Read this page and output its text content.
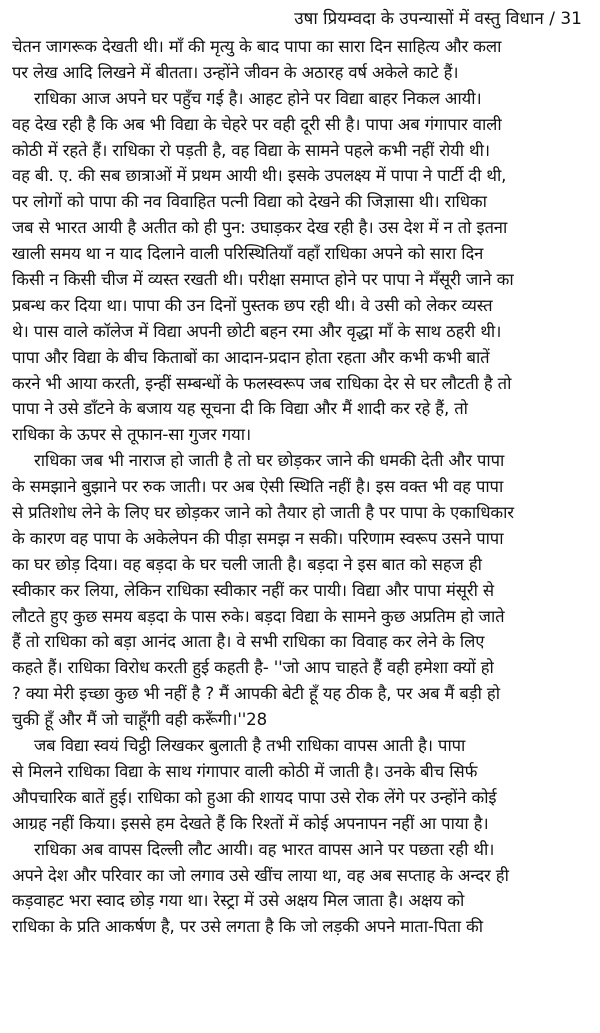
उषा प्रियम्वदा के उपन्यासों में वस्तु विधान / 31
चेतन जागरूक देखती थी। माँ की मृत्यु के बाद पापा का सारा दिन साहित्य और कला
पर लेख आदि लिखने में बीतता। उन्होंने जीवन के अठारह वर्ष अकेले काटे हैं।
राधिका आज अपने घर पहुँच गई है। आहट होने पर विद्या बाहर निकल आयी।
वह देख रही है कि अब भी विद्या के चेहरे पर वही दूरी सी है। पापा अब गंगापार वाली
कोठी में रहते हैं। राधिका रो पड़ती है, वह विद्या के सामने पहले कभी नहीं रोयी थी।
वह बी. ए. की सब छात्राओं में प्रथम आयी थी। इसके उपलक्ष्य में पापा ने पार्टी दी थी,
पर लोगों को पापा की नव विवाहित पत्नी विद्या को देखने की जिज्ञासा थी। राधिका
जब से भारत आयी है अतीत को ही पुन: उघाड़कर देख रही है। उस देश में न तो इतना
खाली समय था न याद दिलाने वाली परिस्थितियाँ वहाँ राधिका अपने को सारा दिन
किसी न किसी चीज में व्यस्त रखती थी। परीक्षा समाप्त होने पर पापा ने मँसूरी जाने का
प्रबन्ध कर दिया था। पापा की उन दिनों पुस्तक छप रही थी। वे उसी को लेकर व्यस्त
थे। पास वाले कॉलेज में विद्या अपनी छोटी बहन रमा और वृद्धा माँ के साथ ठहरी थी।
पापा और विद्या के बीच किताबों का आदान-प्रदान होता रहता और कभी कभी बातें
करने भी आया करती, इन्हीं सम्बन्धों के फलस्वरूप जब राधिका देर से घर लौटती है तो
पापा ने उसे डाँटने के बजाय यह सूचना दी कि विद्या और मैं शादी कर रहे हैं, तो
राधिका के ऊपर से तूफान-सा गुजर गया।
राधिका जब भी नाराज हो जाती है तो घर छोड़कर जाने की धमकी देती और पापा
के समझाने बुझाने पर रुक जाती। पर अब ऐसी स्थिति नहीं है। इस वक्त भी वह पापा
से प्रतिशोध लेने के लिए घर छोड़कर जाने को तैयार हो जाती है पर पापा के एकाधिकार
के कारण वह पापा के अकेलेपन की पीड़ा समझ न सकी। परिणाम स्वरूप उसने पापा
का घर छोड़ दिया। वह बड़दा के घर चली जाती है। बड़दा ने इस बात को सहज ही
स्वीकार कर लिया, लेकिन राधिका स्वीकार नहीं कर पायी। विद्या और पापा मंसूरी से
लौटते हुए कुछ समय बड़दा के पास रुके। बड़दा विद्या के सामने कुछ अप्रतिम हो जाते
हैं तो राधिका को बड़ा आनंद आता है। वे सभी राधिका का विवाह कर लेने के लिए
कहते हैं। राधिका विरोध करती हुई कहती है- ''जो आप चाहते हैं वही हमेशा क्यों हो
? क्या मेरी इच्छा कुछ भी नहीं है ? मैं आपकी बेटी हूँ यह ठीक है, पर अब मैं बड़ी हो
चुकी हूँ और मैं जो चाहूँगी वही करूँगी।''28
जब विद्या स्वयं चिट्ठी लिखकर बुलाती है तभी राधिका वापस आती है। पापा
से मिलने राधिका विद्या के साथ गंगापार वाली कोठी में जाती है। उनके बीच सिर्फ
औपचारिक बातें हुई। राधिका को हुआ की शायद पापा उसे रोक लेंगे पर उन्होंने कोई
आग्रह नहीं किया। इससे हम देखते हैं कि रिश्तों में कोई अपनापन नहीं आ पाया है।
राधिका अब वापस दिल्ली लौट आयी। वह भारत वापस आने पर पछता रही थी।
अपने देश और परिवार का जो लगाव उसे खींच लाया था, वह अब सप्ताह के अन्दर ही
कड़वाहट भरा स्वाद छोड़ गया था। रेस्ट्रा में उसे अक्षय मिल जाता है। अक्षय को
राधिका के प्रति आकर्षण है, पर उसे लगता है कि जो लड़की अपने माता-पिता की
